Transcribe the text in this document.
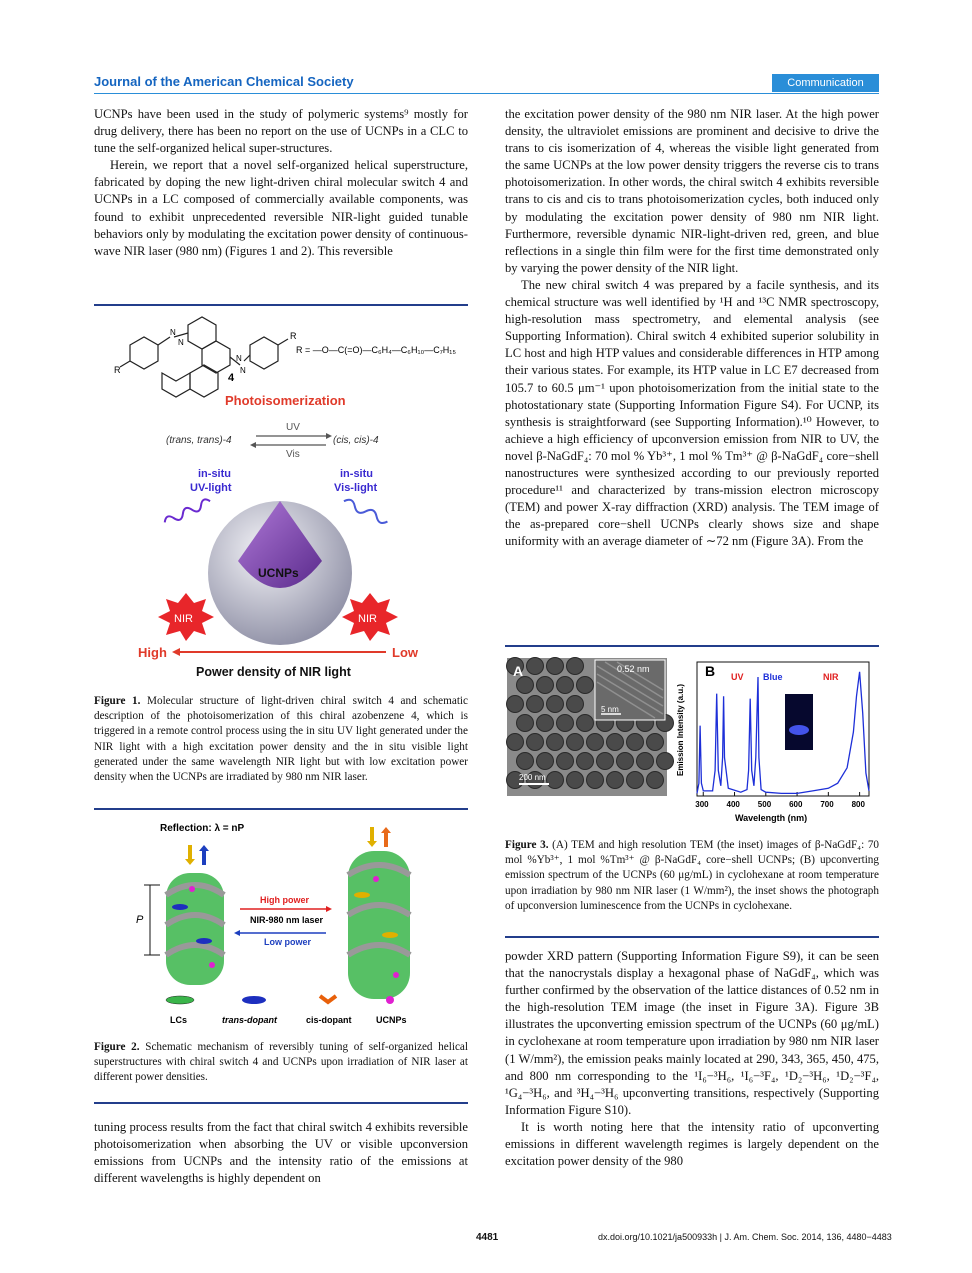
Journal of the American Chemical Society	Communication

UCNPs have been used in the study of polymeric systems⁹ mostly for drug delivery, there has been no report on the use of UCNPs in a CLC to tune the self-organized helical super-structures.

Herein, we report that a novel self-organized helical superstructure, fabricated by doping the new light-driven chiral molecular switch 4 and UCNPs in a LC composed of commercially available components, was found to exhibit unprecedented reversible NIR-light guided tunable behaviors only by modulating the excitation power density of continuous-wave NIR laser (980 nm) (Figures 1 and 2). This reversible

N
N
N
N
R
R
4
R = —O—C(=O)—C₆H₄—C₆H₁₀—C₇H₁₅
Photoisomerization
(trans, trans)-4	(cis, cis)-4
UV
Vis
in-situ UV-light
in-situ Vis-light
UCNPs
NIR	NIR
High	Low
Power density of NIR light
Figure 1. Molecular structure of light-driven chiral switch 4 and schematic description of the photoisomerization of this chiral azobenzene 4, which is triggered in a remote control process using the in situ UV light generated under the NIR light with a high excitation power density and the in situ visible light generated under the same wavelength NIR light but with low excitation power density when the UCNPs are irradiated by 980 nm NIR laser.
Reflection: λ = nP
P
High power
NIR-980 nm laser
Low power
LCs	trans-dopant	cis-dopant	UCNPs
Figure 2. Schematic mechanism of reversibly tuning of self-organized helical superstructures with chiral switch 4 and UCNPs upon irradiation of NIR laser at different power densities.

tuning process results from the fact that chiral switch 4 exhibits reversible photoisomerization when absorbing the UV or visible upconversion emissions from UCNPs and the intensity ratio of the emissions at different wavelengths is highly dependent on

the excitation power density of the 980 nm NIR laser. At the high power density, the ultraviolet emissions are prominent and decisive to drive the trans to cis isomerization of 4, whereas the visible light generated from the same UCNPs at the low power density triggers the reverse cis to trans photoisomerization. In other words, the chiral switch 4 exhibits reversible trans to cis and cis to trans photoisomerization cycles, both induced only by modulating the excitation power density of 980 nm NIR light. Furthermore, reversible dynamic NIR-light-driven red, green, and blue reflections in a single thin film were for the first time demonstrated only by varying the power density of the NIR light.

The new chiral switch 4 was prepared by a facile synthesis, and its chemical structure was well identified by ¹H and ¹³C NMR spectroscopy, high-resolution mass spectrometry, and elemental analysis (see Supporting Information). Chiral switch 4 exhibited superior solubility in LC host and high HTP values and considerable differences in HTP among their various states. For example, its HTP value in LC E7 decreased from 105.7 to 60.5 μm⁻¹ upon photoisomerization from the initial state to the photostationary state (Supporting Information Figure S4). For UCNP, its synthesis is straightforward (see Supporting Information).¹⁰ However, to achieve a high efficiency of upconversion emission from NIR to UV, the novel β-NaGdF₄: 70 mol % Yb³⁺, 1 mol % Tm³⁺ @ β-NaGdF₄ core−shell nanostructures were synthesized according to our previously reported procedure¹¹ and characterized by trans-mission electron microscopy (TEM) and power X-ray diffraction (XRD) analysis. The TEM image of the as-prepared core−shell UCNPs clearly shows size and shape uniformity with an average diameter of ∼72 nm (Figure 3A). From the

A	0.52 nm
5 nm
200 nm
Emission Intensity (a.u.)
B
300 400 500 600 700 800
UV Blue	NIR
Wavelength (nm)
Figure 3. (A) TEM and high resolution TEM (the inset) images of β-NaGdF₄: 70 mol %Yb³⁺, 1 mol %Tm³⁺ @ β-NaGdF₄ core−shell UCNPs; (B) upconverting emission spectrum of the UCNPs (60 μg/mL) in cyclohexane at room temperature upon irradiation by 980 nm NIR laser (1 W/mm²), the inset shows the photograph of upconversion luminescence from the UCNPs in cyclohexane.

powder XRD pattern (Supporting Information Figure S9), it can be seen that the nanocrystals display a hexagonal phase of NaGdF₄, which was further confirmed by the observation of the lattice distances of 0.52 nm in the high-resolution TEM image (the inset in Figure 3A). Figure 3B illustrates the upconverting emission spectrum of the UCNPs (60 μg/mL) in cyclohexane at room temperature upon irradiation by 980 nm NIR laser (1 W/mm²), the emission peaks mainly located at 290, 343, 365, 450, 475, and 800 nm corresponding to the ¹I₆−³H₆, ¹I₆−³F₄, ¹D₂−³H₆, ¹D₂−³F₄, ¹G₄−³H₆, and ³H₄−³H₆ upconverting transitions, respectively (Supporting Information Figure S10).

It is worth noting here that the intensity ratio of upconverting emissions in different wavelength regimes is largely dependent on the excitation power density of the 980

4481	dx.doi.org/10.1021/ja500933h | J. Am. Chem. Soc. 2014, 136, 4480−4483
